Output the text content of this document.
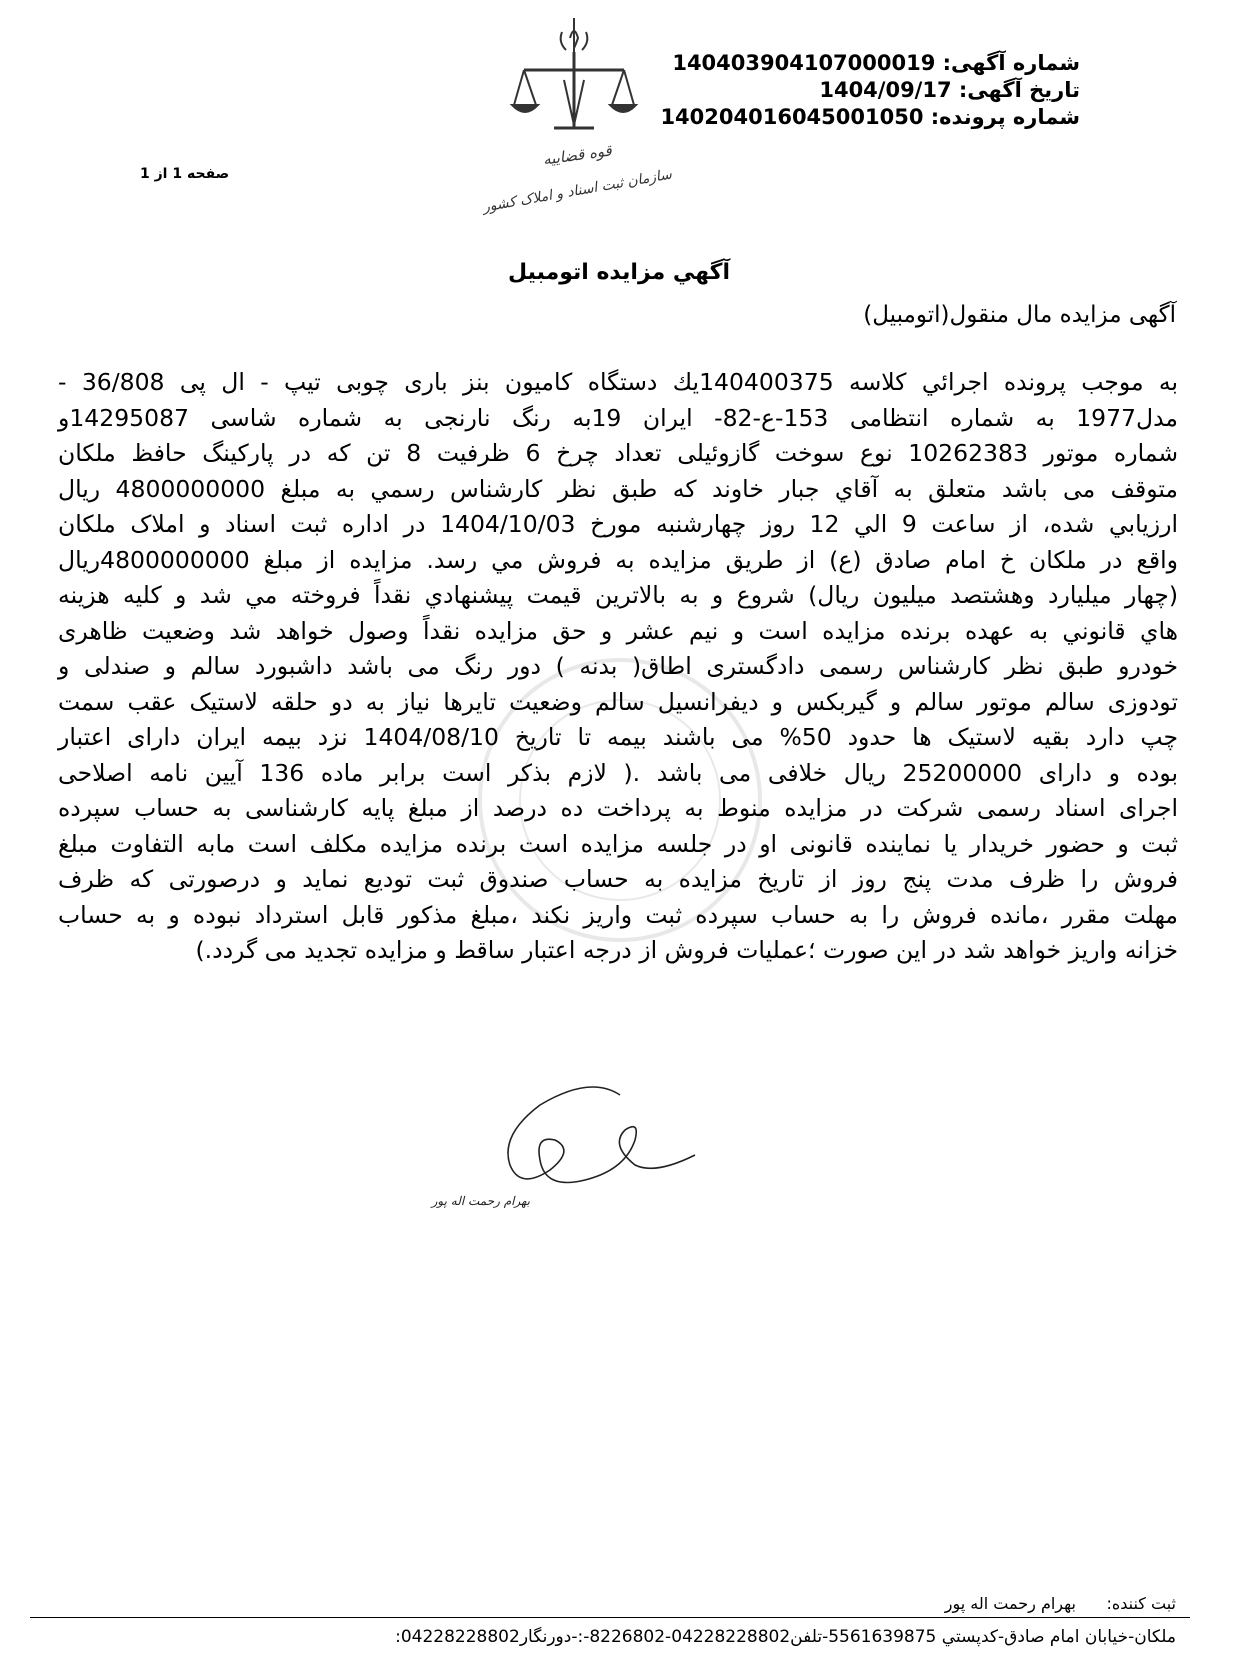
قوه قضاییه
سازمان ثبت اسناد و املاک کشور
شماره آگهی: 140403904107000019
تاریخ آگهی: 1404/09/17
شماره پرونده: 140204016045001050
صفحه 1 از 1
آگهي مزايده اتومبيل
آگهی مزایده مال منقول(اتومبیل)
به موجب پرونده اجرائي كلاسه 140400375يك دستگاه كاميون بنز باری چوبی تیپ - ال پی 36/808 -
مدل1977 به شماره انتظامی 153-ع-82- ایران 19به رنگ نارنجی به شماره شاسی 14295087و
شماره موتور 10262383 نوع سوخت گازوئیلی تعداد چرخ 6 ظرفیت 8 تن که در پارکینگ حافظ ملکان
متوقف می باشد متعلق به آقاي جبار خاوند که طبق نظر كارشناس رسمي به مبلغ 4800000000 ريال
ارزيابي شده، از ساعت 9 الي 12 روز چهارشنبه مورخ 1404/10/03 در اداره ثبت اسناد و املاک ملکان
واقع در ملکان خ امام صادق (ع) از طريق مزايده به فروش مي رسد. مزايده از مبلغ 4800000000ريال
(چهار میلیارد وهشتصد میلیون ريال) شروع و به بالاترين قيمت پيشنهادي نقداً فروخته مي شد و كليه هزينه
هاي قانوني به عهده برنده مزايده است و نيم عشر و حق مزايده نقداً وصول خواهد شد وضعیت ظاهری
خودرو طبق نظر کارشناس رسمی دادگستری اطاق( بدنه ) دور رنگ می باشد داشبورد سالم و صندلی و
تودوزی سالم موتور سالم و گیربکس و دیفرانسیل سالم وضعیت تایرها نیاز به دو حلقه لاستیک عقب سمت
چپ دارد بقیه لاستیک ها حدود 50% می باشند بیمه تا تاریخ 1404/08/10 نزد بیمه ایران دارای اعتبار
بوده و دارای 25200000 ریال خلافی می باشد .( لازم بذکر است برابر ماده 136 آیین نامه اصلاحی
اجرای اسناد رسمی شرکت در مزایده منوط به پرداخت ده درصد از مبلغ پایه کارشناسی به حساب سپرده
ثبت و حضور خریدار یا نماینده قانونی او در جلسه مزایده است برنده مزایده مکلف است مابه التفاوت مبلغ
فروش را ظرف مدت پنج روز از تاریخ مزایده به حساب صندوق ثبت تودیع نماید و درصورتی که ظرف
مهلت مقرر ،مانده فروش را به حساب سپرده ثبت واریز نکند ،مبلغ مذکور قابل استرداد نبوده و به حساب
خزانه واریز خواهد شد در این صورت ؛عملیات فروش از درجه اعتبار ساقط و مزایده تجدید می گردد.)
بهرام رحمت اله پور
ثبت کننده:      بهرام رحمت اله پور
ملكان-خيابان امام صادق-كدپستي 5561639875-تلفن04228228802-8226802-:-دورنگار04228228802:
